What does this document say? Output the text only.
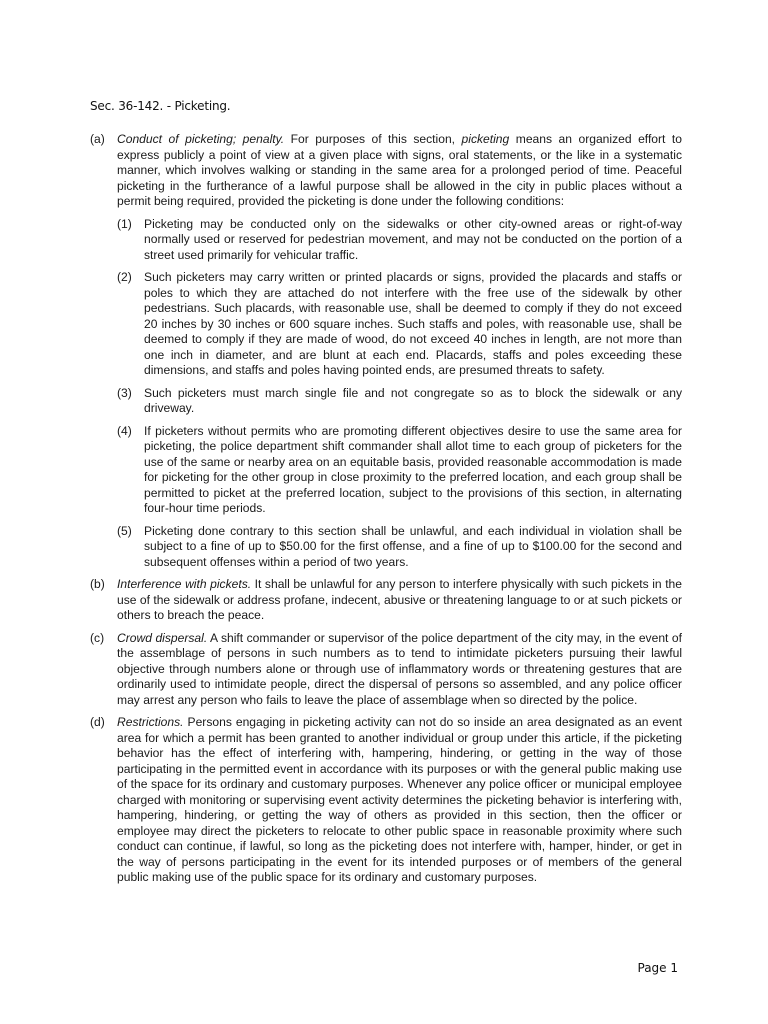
Sec. 36-142. - Picketing.
(a) Conduct of picketing; penalty. For purposes of this section, picketing means an organized effort to express publicly a point of view at a given place with signs, oral statements, or the like in a systematic manner, which involves walking or standing in the same area for a prolonged period of time. Peaceful picketing in the furtherance of a lawful purpose shall be allowed in the city in public places without a permit being required, provided the picketing is done under the following conditions:
(1) Picketing may be conducted only on the sidewalks or other city-owned areas or right-of-way normally used or reserved for pedestrian movement, and may not be conducted on the portion of a street used primarily for vehicular traffic.
(2) Such picketers may carry written or printed placards or signs, provided the placards and staffs or poles to which they are attached do not interfere with the free use of the sidewalk by other pedestrians. Such placards, with reasonable use, shall be deemed to comply if they do not exceed 20 inches by 30 inches or 600 square inches. Such staffs and poles, with reasonable use, shall be deemed to comply if they are made of wood, do not exceed 40 inches in length, are not more than one inch in diameter, and are blunt at each end. Placards, staffs and poles exceeding these dimensions, and staffs and poles having pointed ends, are presumed threats to safety.
(3) Such picketers must march single file and not congregate so as to block the sidewalk or any driveway.
(4) If picketers without permits who are promoting different objectives desire to use the same area for picketing, the police department shift commander shall allot time to each group of picketers for the use of the same or nearby area on an equitable basis, provided reasonable accommodation is made for picketing for the other group in close proximity to the preferred location, and each group shall be permitted to picket at the preferred location, subject to the provisions of this section, in alternating four-hour time periods.
(5) Picketing done contrary to this section shall be unlawful, and each individual in violation shall be subject to a fine of up to $50.00 for the first offense, and a fine of up to $100.00 for the second and subsequent offenses within a period of two years.
(b) Interference with pickets. It shall be unlawful for any person to interfere physically with such pickets in the use of the sidewalk or address profane, indecent, abusive or threatening language to or at such pickets or others to breach the peace.
(c) Crowd dispersal. A shift commander or supervisor of the police department of the city may, in the event of the assemblage of persons in such numbers as to tend to intimidate picketers pursuing their lawful objective through numbers alone or through use of inflammatory words or threatening gestures that are ordinarily used to intimidate people, direct the dispersal of persons so assembled, and any police officer may arrest any person who fails to leave the place of assemblage when so directed by the police.
(d) Restrictions. Persons engaging in picketing activity can not do so inside an area designated as an event area for which a permit has been granted to another individual or group under this article, if the picketing behavior has the effect of interfering with, hampering, hindering, or getting in the way of those participating in the permitted event in accordance with its purposes or with the general public making use of the space for its ordinary and customary purposes. Whenever any police officer or municipal employee charged with monitoring or supervising event activity determines the picketing behavior is interfering with, hampering, hindering, or getting the way of others as provided in this section, then the officer or employee may direct the picketers to relocate to other public space in reasonable proximity where such conduct can continue, if lawful, so long as the picketing does not interfere with, hamper, hinder, or get in the way of persons participating in the event for its intended purposes or of members of the general public making use of the public space for its ordinary and customary purposes.
Page 1
